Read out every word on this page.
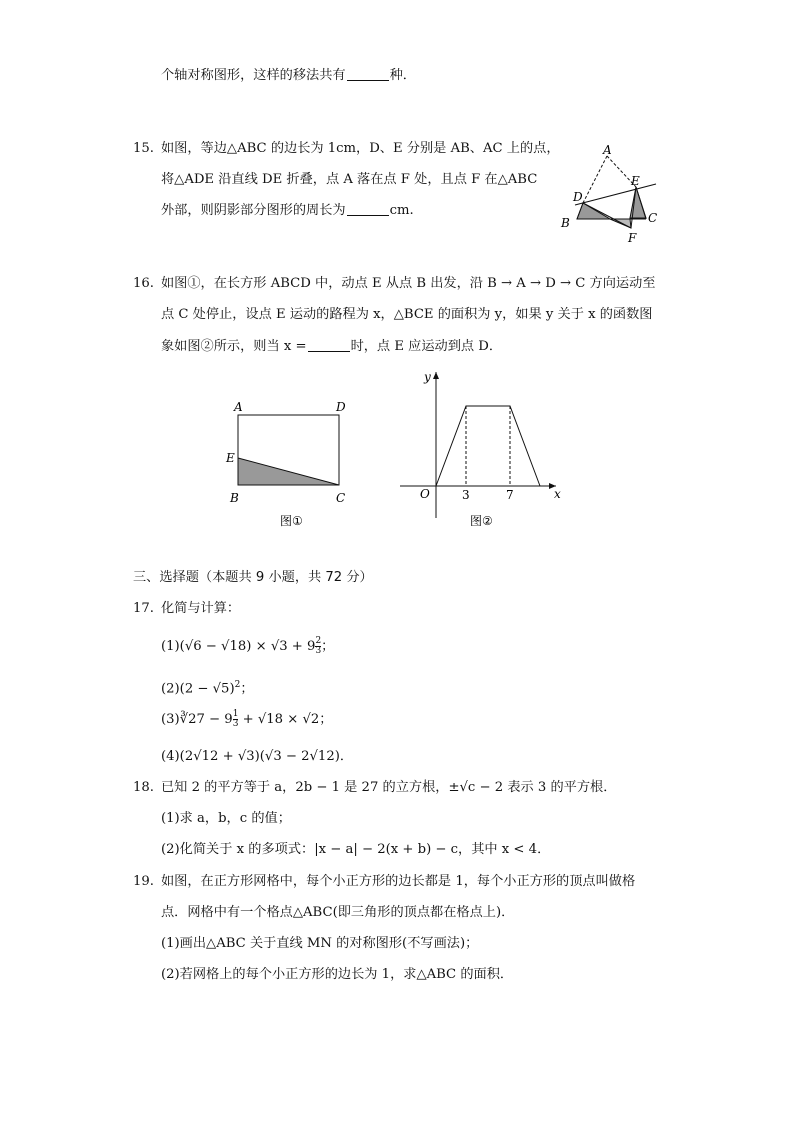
个轴对称图形，这样的移法共有	种．
15. 如图，等边△ABC 的边长为 1cm，D、E 分别是 AB、AC 上的点，
将△ADE 沿直线 DE 折叠，点 A 落在点 F 处，且点 F 在△ABC
外部，则阴影部分图形的周长为	cm.
A
D
E
B	C
F
16. 如图①，在长方形 ABCD 中，动点 E 从点 B 出发，沿 B → A → D → C 方向运动至
点 C 处停止，设点 E 运动的路程为 x，△BCE 的面积为 y，如果 y 关于 x 的函数图
象如图②所示，则当 x =	时，点 E 应运动到点 D．
A	D
E
B	C
图①
y
x
O	3	7
图②
三、选择题（本题共 9 小题，共 72 分）
17. 化简与计算：
$(1)(√6 - √18) \times √3 + 9 \frac{2}{3}$ ；
$(2)(2 - √5)^2$；
(3)∛27 − $9 \frac{1}{3} + √18 \times √2$；
(4)(2√12 + √3)(√3 − 2√12)．
18. 已知 2 的平方等于 a，2b − 1 是 27 的立方根，±√c − 2 表示 3 的平方根．
(1)求 a，b，c 的值；
(2)化简关于 x 的多项式：|x − a| − 2(x + b) − c，其中 x < 4．
19. 如图，在正方形网格中，每个小正方形的边长都是 1，每个小正方形的顶点叫做格
点．网格中有一个格点△ABC(即三角形的顶点都在格点上)．
(1)画出△ABC 关于直线 MN 的对称图形(不写画法)；
(2)若网格上的每个小正方形的边长为 1，求△ABC 的面积．
